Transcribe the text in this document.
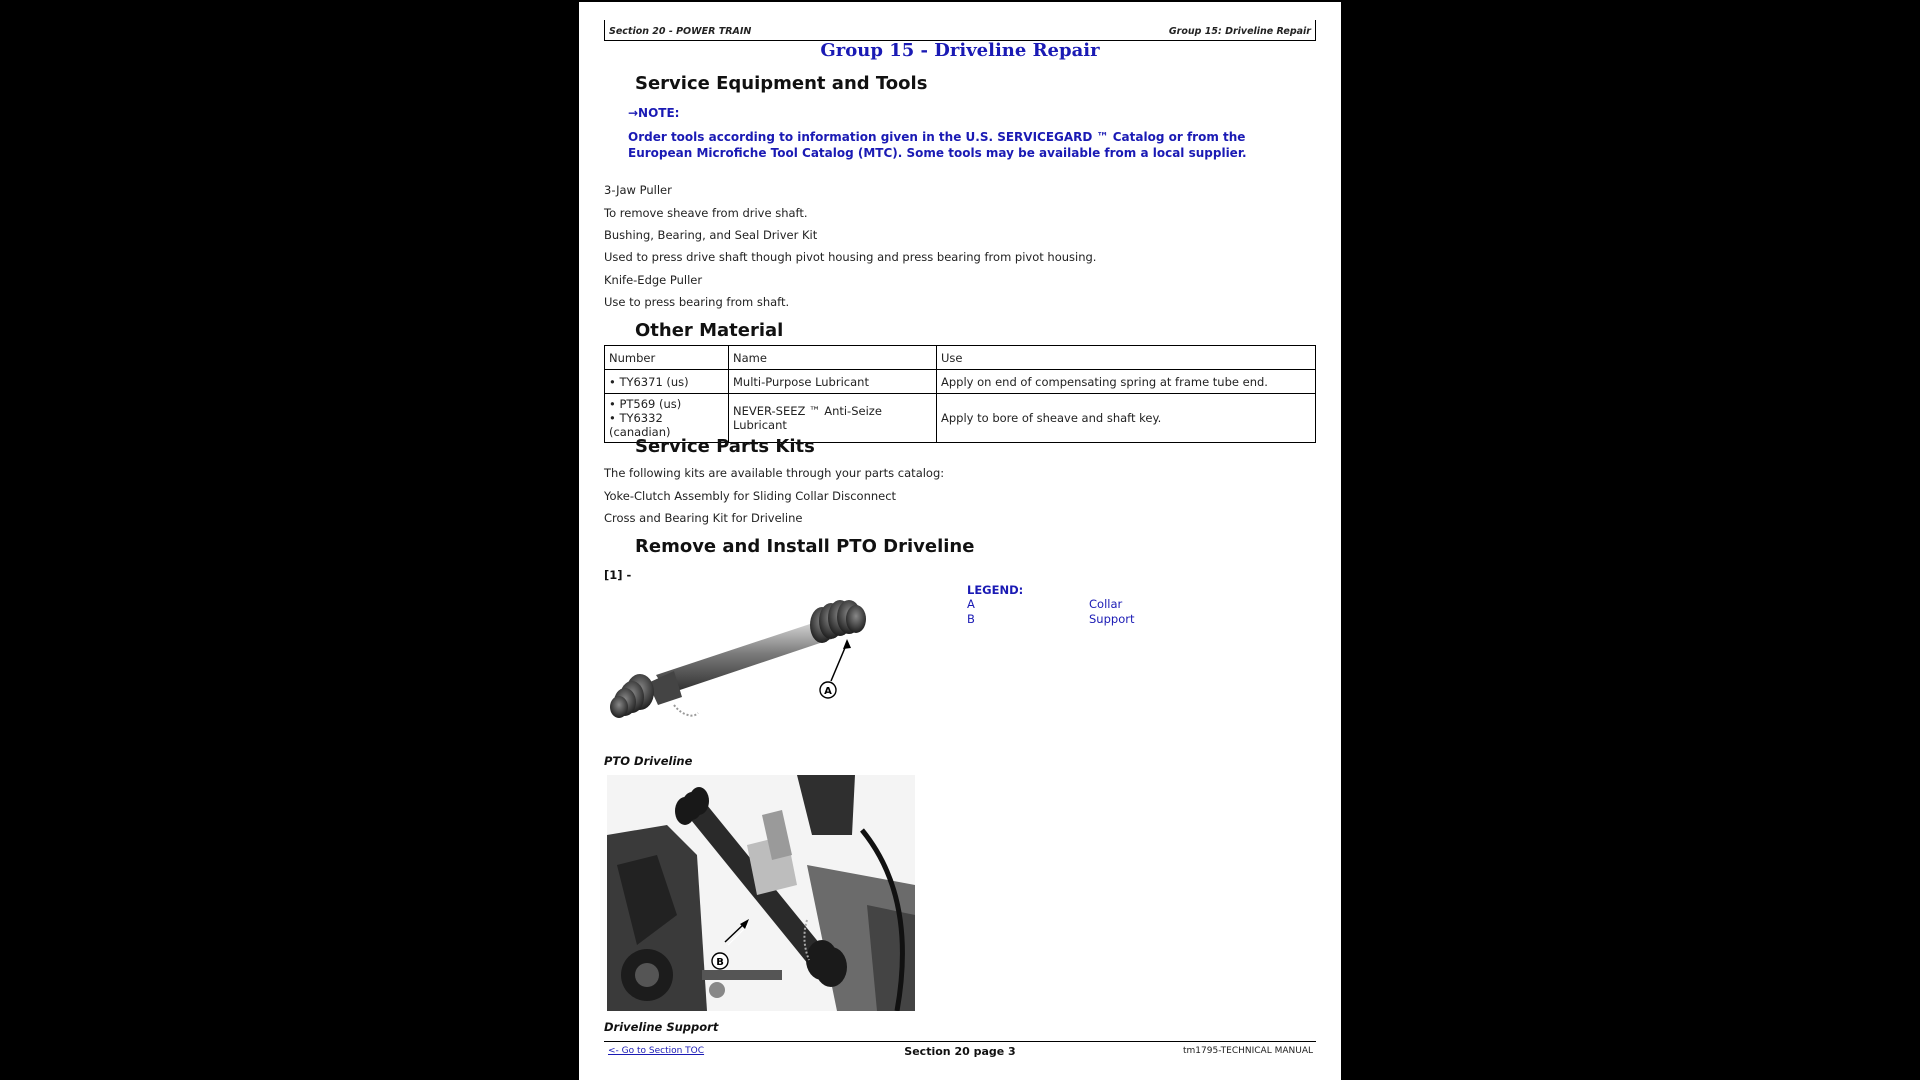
Section 20 - POWER TRAIN	Group 15: Driveline Repair
Group 15 - Driveline Repair
Service Equipment and Tools
→NOTE:
Order tools according to information given in the U.S. SERVICEGARD ™ Catalog or from the European Microfiche Tool Catalog (MTC). Some tools may be available from a local supplier.
3-Jaw Puller
To remove sheave from drive shaft.
Bushing, Bearing, and Seal Driver Kit
Used to press drive shaft though pivot housing and press bearing from pivot housing.
Knife-Edge Puller
Use to press bearing from shaft.
Other Material
Number	Name	Use
• TY6371 (us)	Multi-Purpose Lubricant	Apply on end of compensating spring at frame tube end.

• PT569 (us)
• TY6332 (canadian)	NEVER-SEEZ ™ Anti-Seize Lubricant	Apply to bore of sheave and shaft key.
Service Parts Kits
The following kits are available through your parts catalog:
Yoke-Clutch Assembly for Sliding Collar Disconnect
Cross and Bearing Kit for Driveline
Remove and Install PTO Driveline
[1] -
LEGEND:
A	Collar
B	Support
A
PTO Driveline
B
Driveline Support
<- Go to Section TOC	Section 20 page 3	tm1795-TECHNICAL MANUAL
